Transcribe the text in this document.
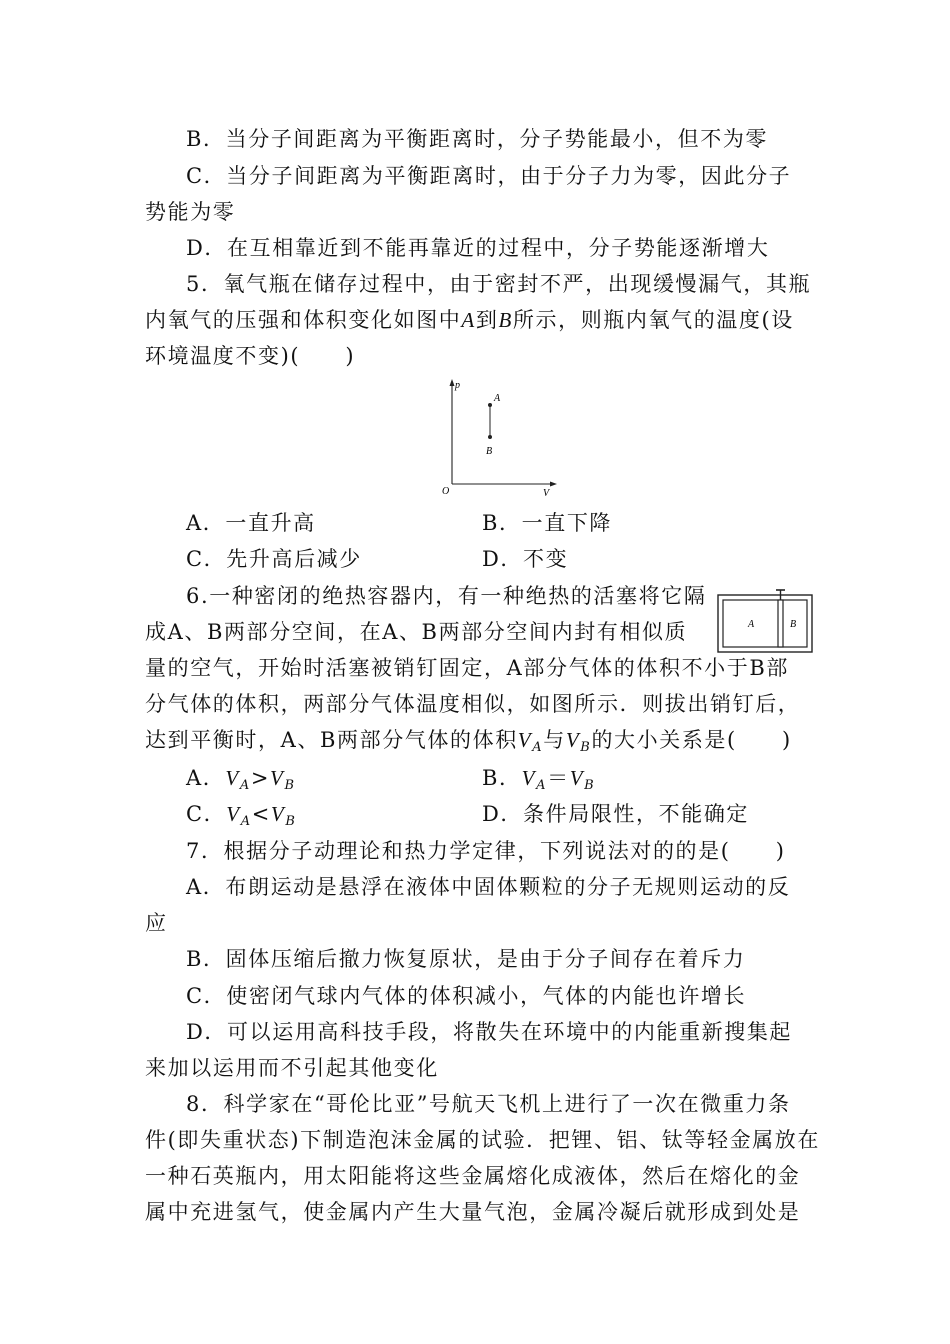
B．当分子间距离为平衡距离时，分子势能最小，但不为零
C．当分子间距离为平衡距离时，由于分子力为零，因此分子
势能为零
D．在互相靠近到不能再靠近的过程中，分子势能逐渐增大
5．氧气瓶在储存过程中，由于密封不严，出现缓慢漏气，其瓶
内氧气的压强和体积变化如图中A到B所示，则瓶内氧气的温度(设
环境温度不变)(　　)
p
V
O
A
B
A．一直升高	B．一直下降
C．先升高后减少	D．不变
6.一种密闭的绝热容器内，有一种绝热的活塞将它隔
成A、B两部分空间，在A、B两部分空间内封有相似质
量的空气，开始时活塞被销钉固定，A部分气体的体积不小于B部
分气体的体积，两部分气体温度相似，如图所示．则拔出销钉后，
达到平衡时，A、B两部分气体的体积$V_A$与$V_B$的大小关系是(　　)
A	B
A．$V_A>V_B$	B．$V_A=V_B$
C．$V_A<V_B$	D．条件局限性，不能确定
7．根据分子动理论和热力学定律，下列说法对的的是(　　)
A．布朗运动是悬浮在液体中固体颗粒的分子无规则运动的反
应
B．固体压缩后撤力恢复原状，是由于分子间存在着斥力
C．使密闭气球内气体的体积减小，气体的内能也许增长
D．可以运用高科技手段，将散失在环境中的内能重新搜集起
来加以运用而不引起其他变化
8．科学家在“哥伦比亚”号航天飞机上进行了一次在微重力条
件(即失重状态)下制造泡沫金属的试验．把锂、铝、钛等轻金属放在
一种石英瓶内，用太阳能将这些金属熔化成液体，然后在熔化的金
属中充进氢气，使金属内产生大量气泡，金属冷凝后就形成到处是
